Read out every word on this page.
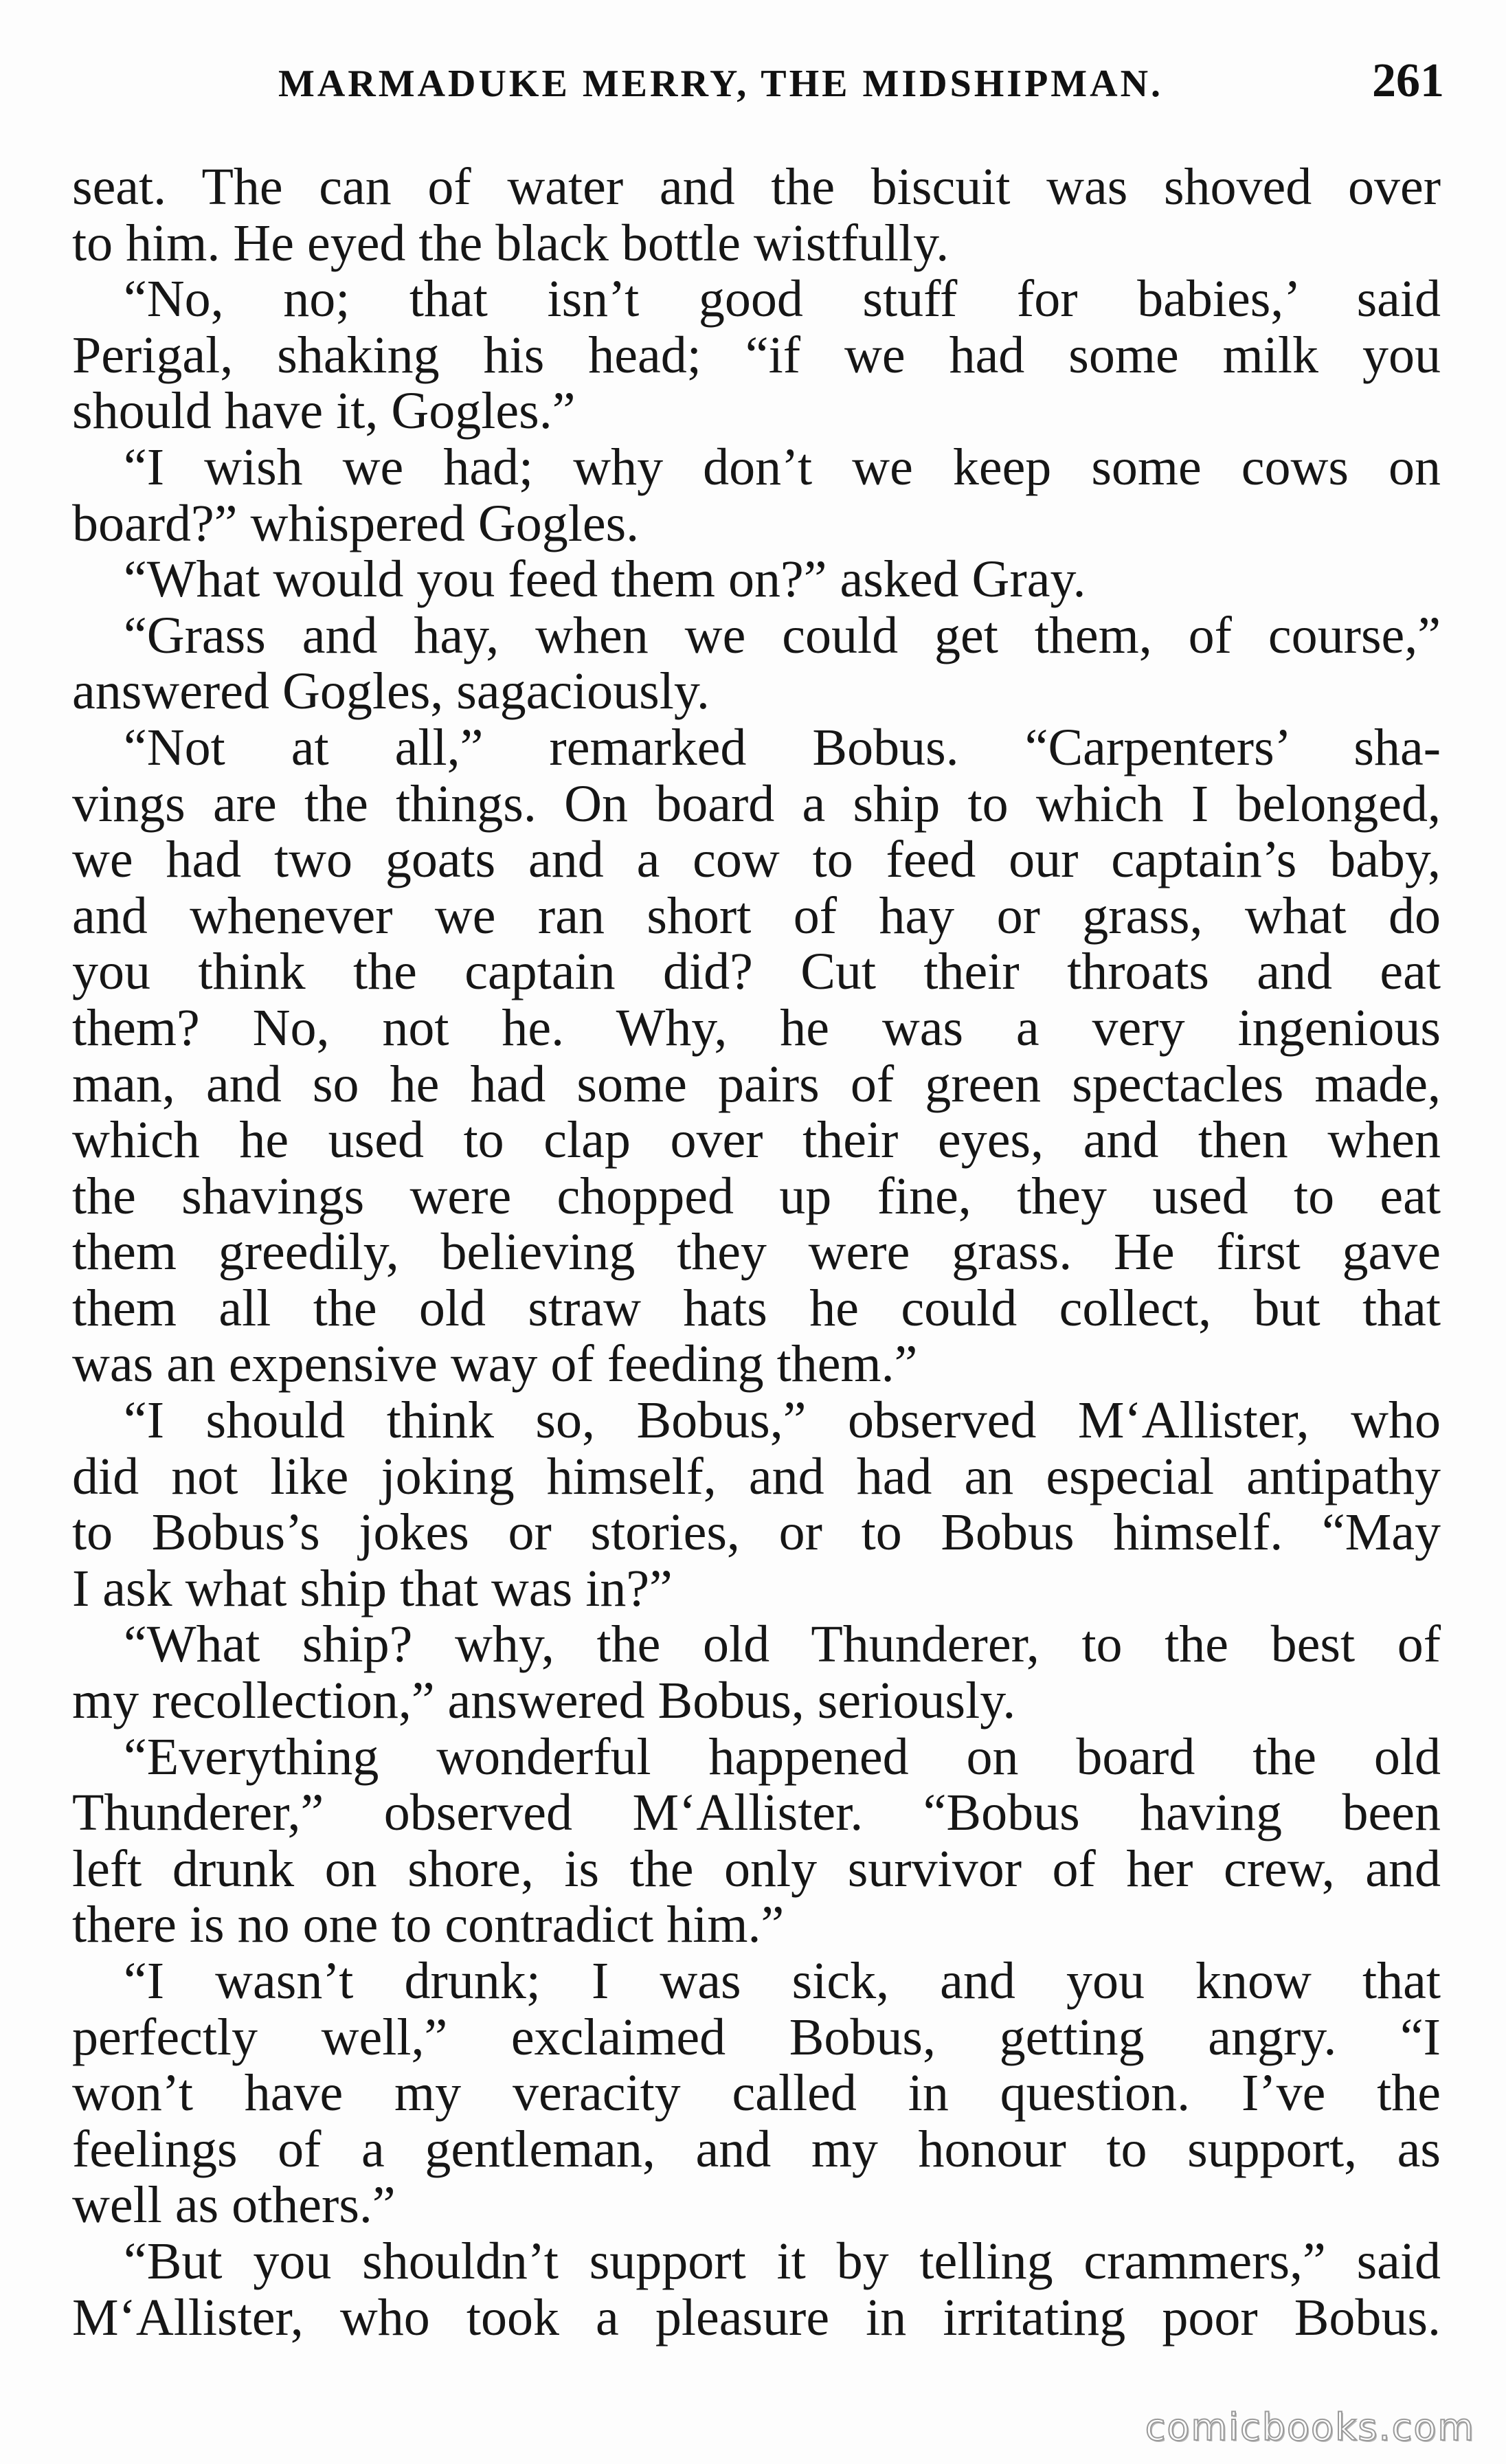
MARMADUKE MERRY, THE MIDSHIPMAN.	261
seat. The can of water and the biscuit was shoved over
to him. He eyed the black bottle wistfully.
“No, no; that isn’t good stuff for babies,’ said
Perigal, shaking his head; “if we had some milk you
should have it, Gogles.”
“I wish we had; why don’t we keep some cows on
board?” whispered Gogles.
“What would you feed them on?” asked Gray.
“Grass and hay, when we could get them, of course,”
answered Gogles, sagaciously.
“Not at all,” remarked Bobus. “Carpenters’ sha-
vings are the things. On board a ship to which I belonged,
we had two goats and a cow to feed our captain’s baby,
and whenever we ran short of hay or grass, what do
you think the captain did? Cut their throats and eat
them? No, not he. Why, he was a very ingenious
man, and so he had some pairs of green spectacles made,
which he used to clap over their eyes, and then when
the shavings were chopped up fine, they used to eat
them greedily, believing they were grass. He first gave
them all the old straw hats he could collect, but that
was an expensive way of feeding them.”
“I should think so, Bobus,” observed M‘Allister, who
did not like joking himself, and had an especial antipathy
to Bobus’s jokes or stories, or to Bobus himself. “May
I ask what ship that was in?”
“What ship? why, the old Thunderer, to the best of
my recollection,” answered Bobus, seriously.
“Everything wonderful happened on board the old
Thunderer,” observed M‘Allister. “Bobus having been
left drunk on shore, is the only survivor of her crew, and
there is no one to contradict him.”
“I wasn’t drunk; I was sick, and you know that
perfectly well,” exclaimed Bobus, getting angry. “I
won’t have my veracity called in question. I’ve the
feelings of a gentleman, and my honour to support, as
well as others.”
“But you shouldn’t support it by telling crammers,” said
M‘Allister, who took a pleasure in irritating poor Bobus.
comicbooks.com
